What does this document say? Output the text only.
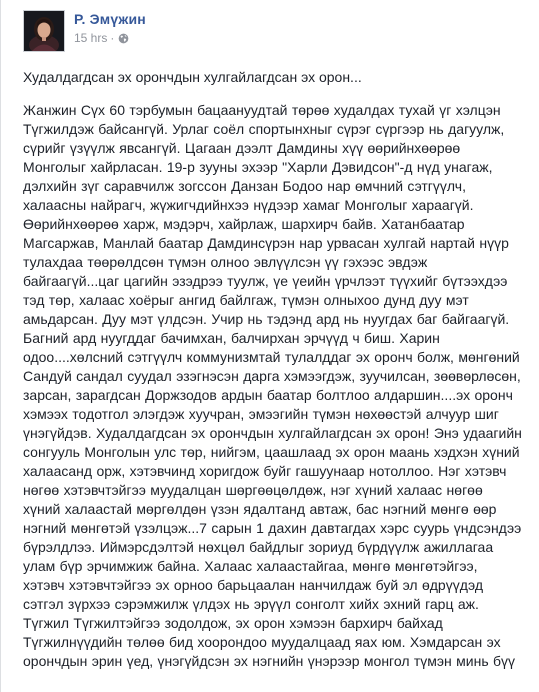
Р. Эмүжин
15 hrs ·

Худалдагдсан эх орончдын хулгайлагдсан эх орон...

Жанжин Сүх 60 тэрбумын бацаануудтай төрөө худалдах тухай үг хэлцэн Түгжилдэж байсангүй. Урлаг соёл спортынхныг сүрэг сүргээр нь дагуулж, сүрийг үзүүлж явсангүй. Цагаан дээлт Дамдины хүү өөрийнхөөрөө Монголыг хайрласан. 19-р зууны эхээр "Харли Дэвидсон"-д нүд унагаж, дэлхийн зүг саравчилж зогссон Данзан Бодоо нар өмчний сэтгүүлч, халаасны найрагч, жүжигчдийнхээ нүдээр хамаг Монголыг хараагүй. Өөрийнхөөрөө харж, мэдэрч, хайрлаж, шархирч байв. Хатанбаатар Магсаржав, Манлай баатар Дамдинсүрэн нар урвасан хулгай нартай нүүр тулахдаа төөрөлдсөн түмэн олноо эвлүүлсэн үү гэхээс эвдэж байгаагүй...цаг цагийн эзэдрээ туулж, үе үеийн үрчлээт түүхийг бүтээхдээ тэд төр, халаас хоёрыг ангид байлгаж, түмэн олныхоо дунд дуу мэт амьдарсан. Дуу мэт үлдсэн. Учир нь тэдэнд ард нь нуугдах баг байгаагүй. Багний ард нуугддаг бачимхан, балчирхан эрчүүд ч биш. Харин одоо....хөлсний сэтгүүлч коммунизмтай тулалддаг эх оронч болж, мөнгөний Сандуй сандал суудал эзэгнэсэн дарга хэмээгдэж, зуучилсан, зөөвөрлөсөн, зарсан, зарагдсан Доржзодов ардын баатар болтлоо алдаршин....эх оронч хэмээх тодотгол элэгдэж хуучран, эмээгийн түмэн нөхөөстэй алчуур шиг үнэгүйдэв. Худалдагдсан эх орончдын хулгайлагдсан эх орон! Энэ удаагийн сонгууль Монголын улс төр, нийгэм, цаашлаад эх орон маань хэдхэн хүний халаасанд орж, хэтэвчинд хоригдож буйг гашуунаар нотоллоо. Нэг хэтэвч нөгөө хэтэвчтэйгээ муудалцан шөргөөцөлдөж, нэг хүний халаас нөгөө хүний халаастай мөргөлдөн үзэн ядалтанд автаж, бас нэгний мөнгө өөр нэгний мөнгөтэй үзэлцэж...7 сарын 1 дахин давтагдах хэрс суурь үндсэндээ бүрэлдлээ. Иймэрсдэлтэй нөхцөл байдлыг зориуд бүрдүүлж ажиллагаа улам бүр эрчимжиж байна. Халаас халаастайгаа, мөнгө мөнгөтэйгээ, хэтэвч хэтэвчтэйгээ эх орноо барьцаалан нанчилдаж буй эл өдрүүдэд сэтгэл зүрхээ сэрэмжилж үлдэх нь эрүүл сонголт хийх эхний гарц аж. Түгжил Түгжилтэйгээ зодолдож, эх орон хэмээн бархирч байхад Түгжилнүүдийн төлөө бид хоорондоо муудалцаад яах юм. Хэмдарсан эх орончдын эрин үед, үнэгүйдсэн эх нэгнийн үнэрээр монгол түмэн минь бүү
